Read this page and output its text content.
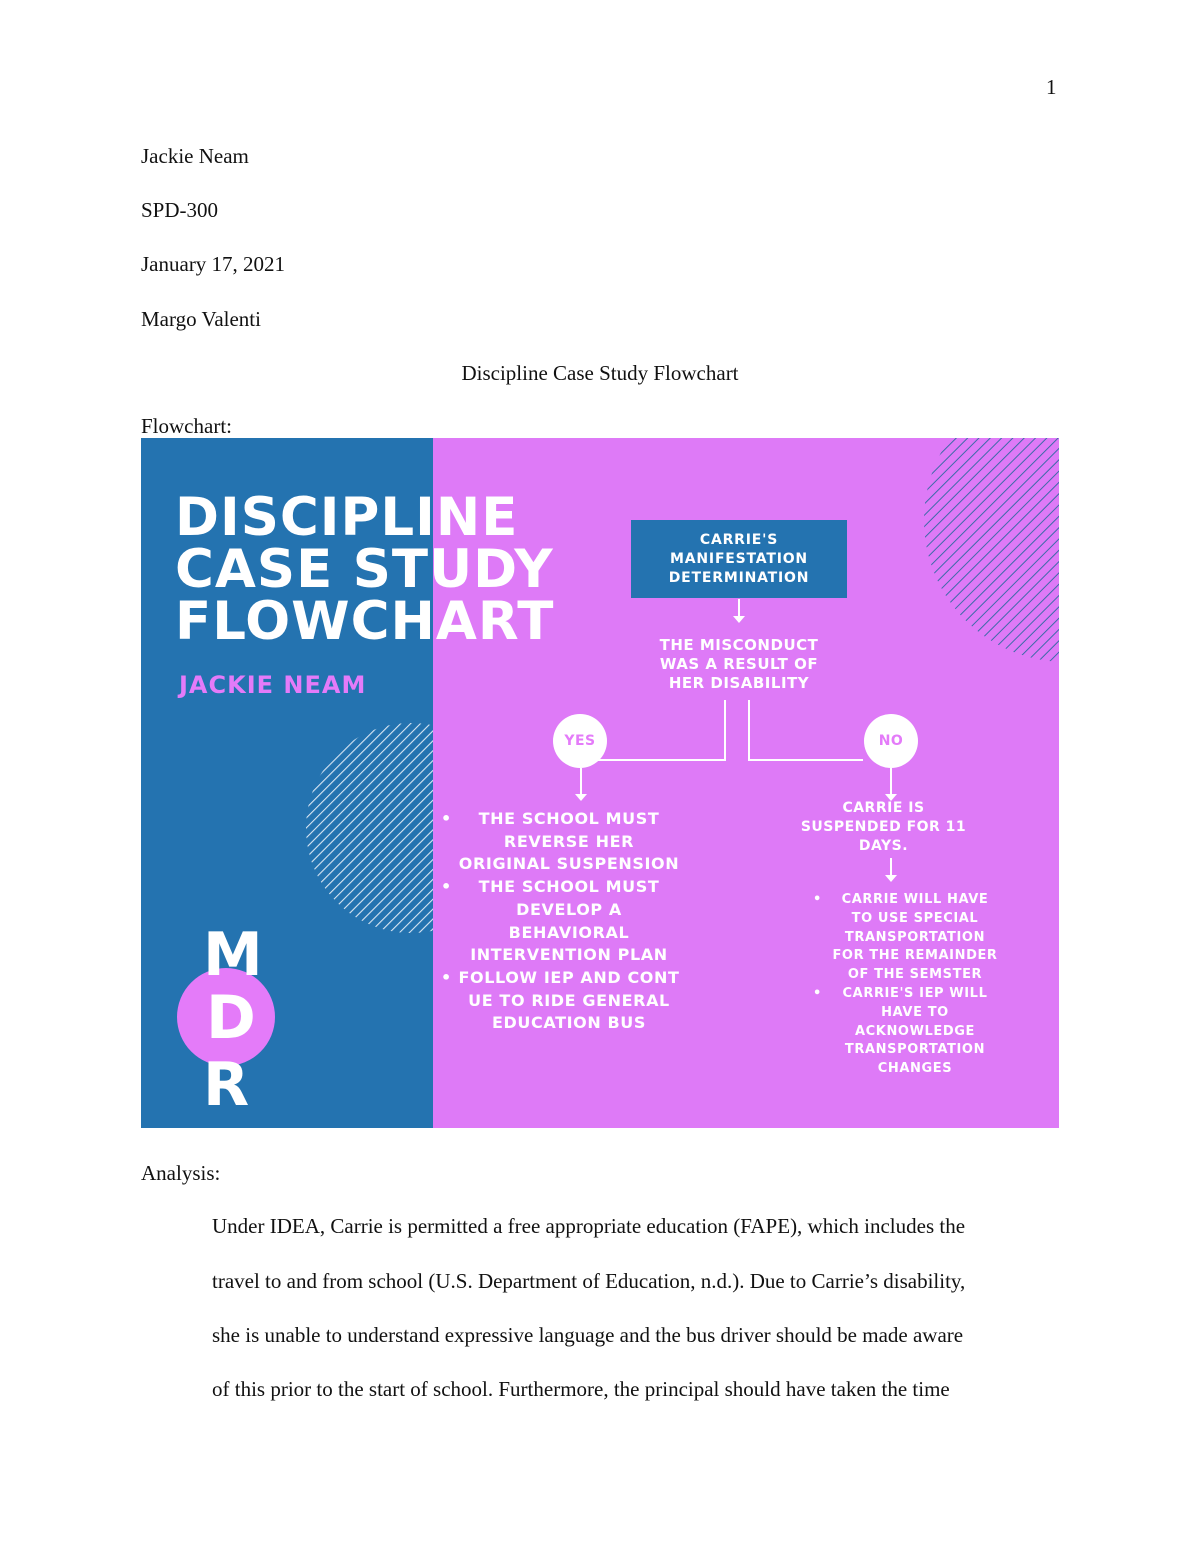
1
Jackie Neam
SPD-300
January 17, 2021
Margo Valenti
Discipline Case Study Flowchart
Flowchart:
DISCIPLINE
CASE STUDY
FLOWCHART
JACKIE NEAM
M
D
R
CARRIE'S MANIFESTATION DETERMINATION
THE MISCONDUCT WAS A RESULT OF HER DISABILITY
YES	NO
• THE SCHOOL MUST REVERSE HER ORIGINAL SUSPENSION
• THE SCHOOL MUST DEVELOP A BEHAVIORAL INTERVENTION PLAN
• FOLLOW IEP AND CONT UE TO RIDE GENERAL EDUCATION BUS
CARRIE IS SUSPENDED FOR 11 DAYS.
• CARRIE WILL HAVE TO USE SPECIAL TRANSPORTATION FOR THE REMAINDER OF THE SEMSTER
• CARRIE'S IEP WILL HAVE TO ACKNOWLEDGE TRANSPORTATION CHANGES
Analysis:
Under IDEA, Carrie is permitted a free appropriate education (FAPE), which includes the
travel to and from school (U.S. Department of Education, n.d.). Due to Carrie’s disability,
she is unable to understand expressive language and the bus driver should be made aware
of this prior to the start of school. Furthermore, the principal should have taken the time
